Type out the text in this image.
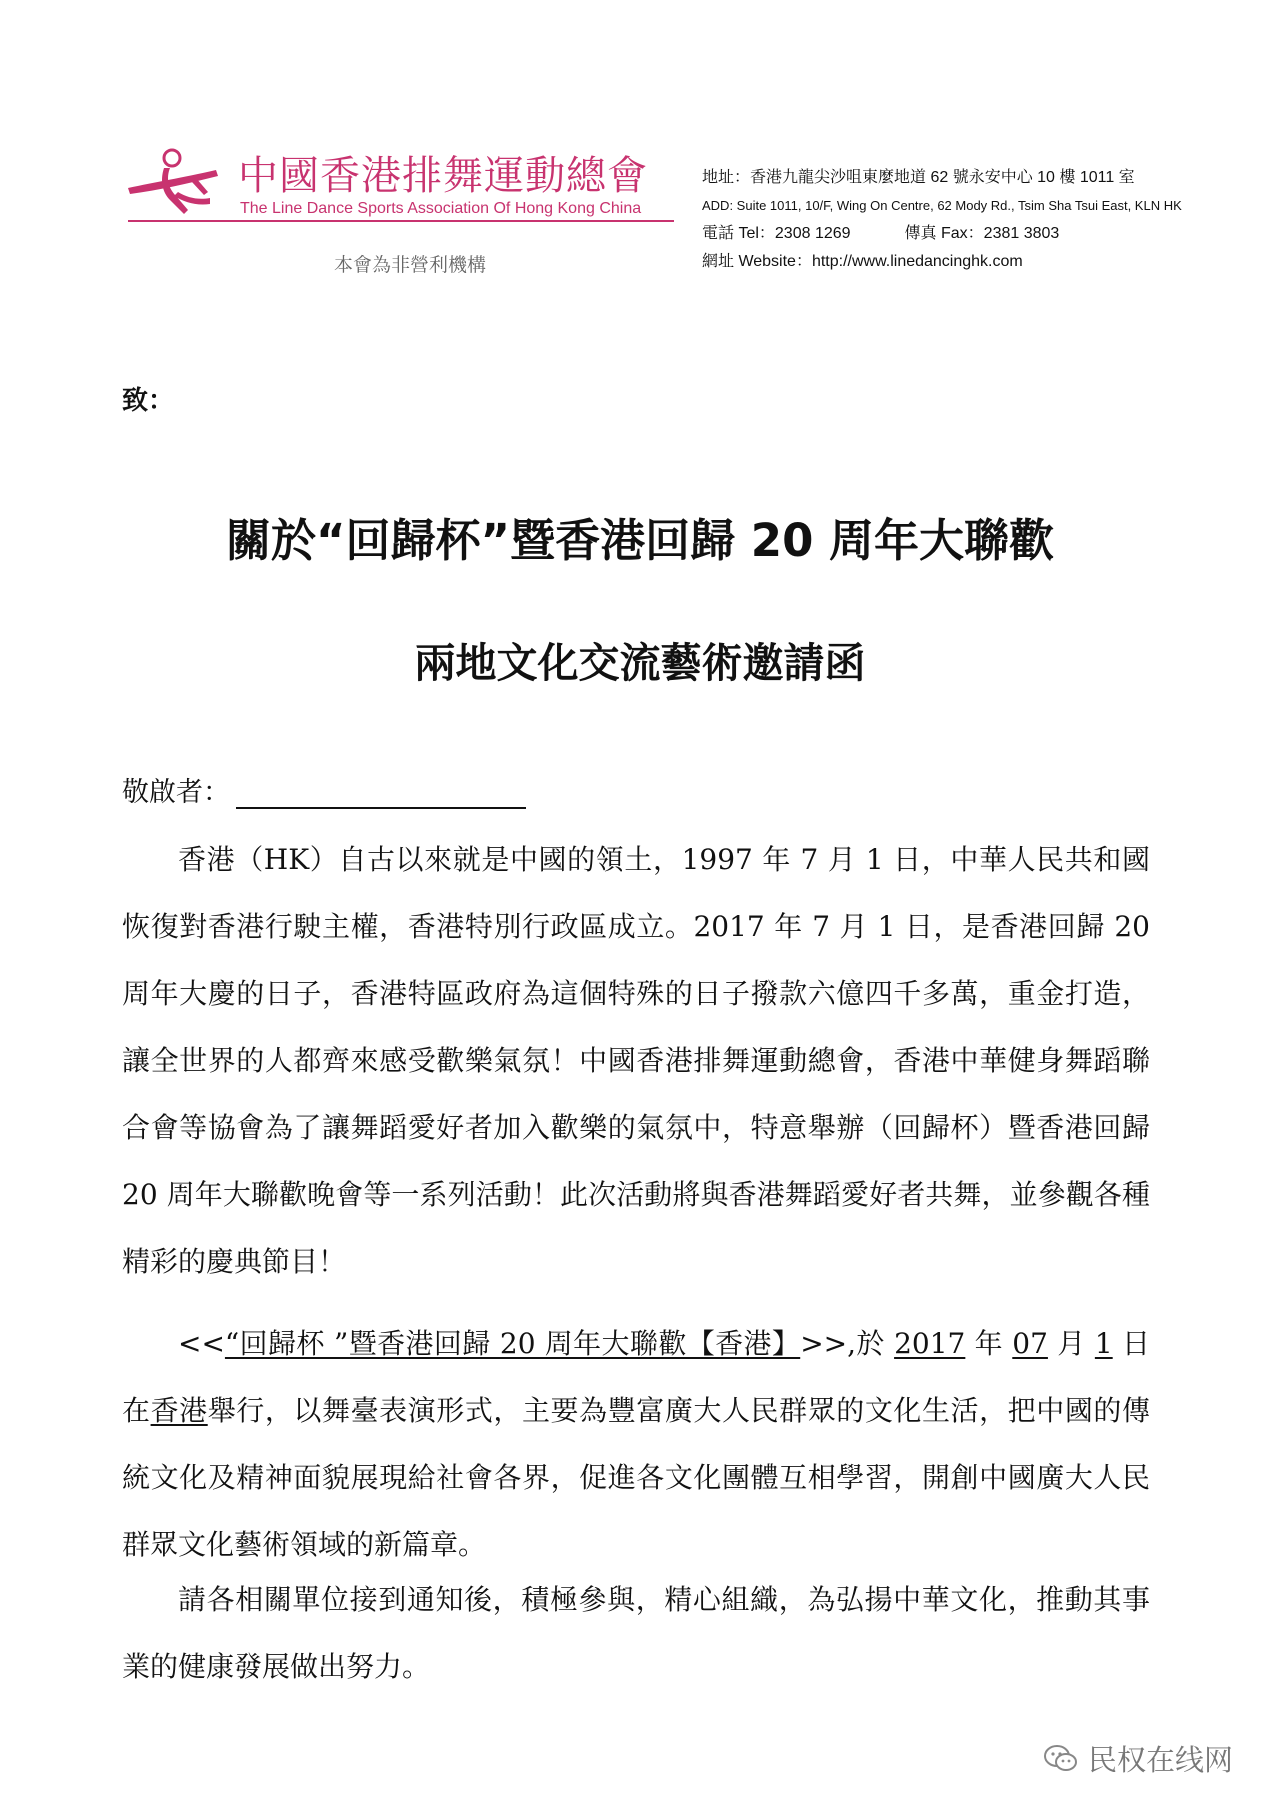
中國香港排舞運動總會
The Line Dance Sports Association Of Hong Kong China
本會為非營利機構
地址：香港九龍尖沙咀東麼地道 62 號永安中心 10 樓 1011 室
ADD: Suite 1011, 10/F, Wing On Centre, 62 Mody Rd., Tsim Sha Tsui East, KLN HK
電話 Tel：2308 1269	傳真 Fax：2381 3803
網址 Website：http://www.linedancinghk.com
致：
關於“回歸杯”暨香港回歸 20 周年大聯歡
兩地文化交流藝術邀請函
敬啟者：
香港（HK）自古以來就是中國的領土，1997 年 7 月 1 日，中華人民共和國恢復對香港行駛主權，香港特別行政區成立。2017 年 7 月 1 日，是香港回歸 20 周年大慶的日子，香港特區政府為這個特殊的日子撥款六億四千多萬，重金打造，讓全世界的人都齊來感受歡樂氣氛！中國香港排舞運動總會，香港中華健身舞蹈聯合會等協會為了讓舞蹈愛好者加入歡樂的氣氛中，特意舉辦（回歸杯）暨香港回歸 20 周年大聯歡晚會等一系列活動！此次活動將與香港舞蹈愛好者共舞，並參觀各種精彩的慶典節目！
<<“回歸杯 ”暨香港回歸 20 周年大聯歡【香港】>>,於 2017 年 07 月 1 日在香港舉行，以舞臺表演形式，主要為豐富廣大人民群眾的文化生活，把中國的傳統文化及精神面貌展現給社會各界，促進各文化團體互相學習，開創中國廣大人民群眾文化藝術領域的新篇章。
請各相關單位接到通知後，積極參與，精心組織，為弘揚中華文化，推動其事業的健康發展做出努力。
民权在线网
